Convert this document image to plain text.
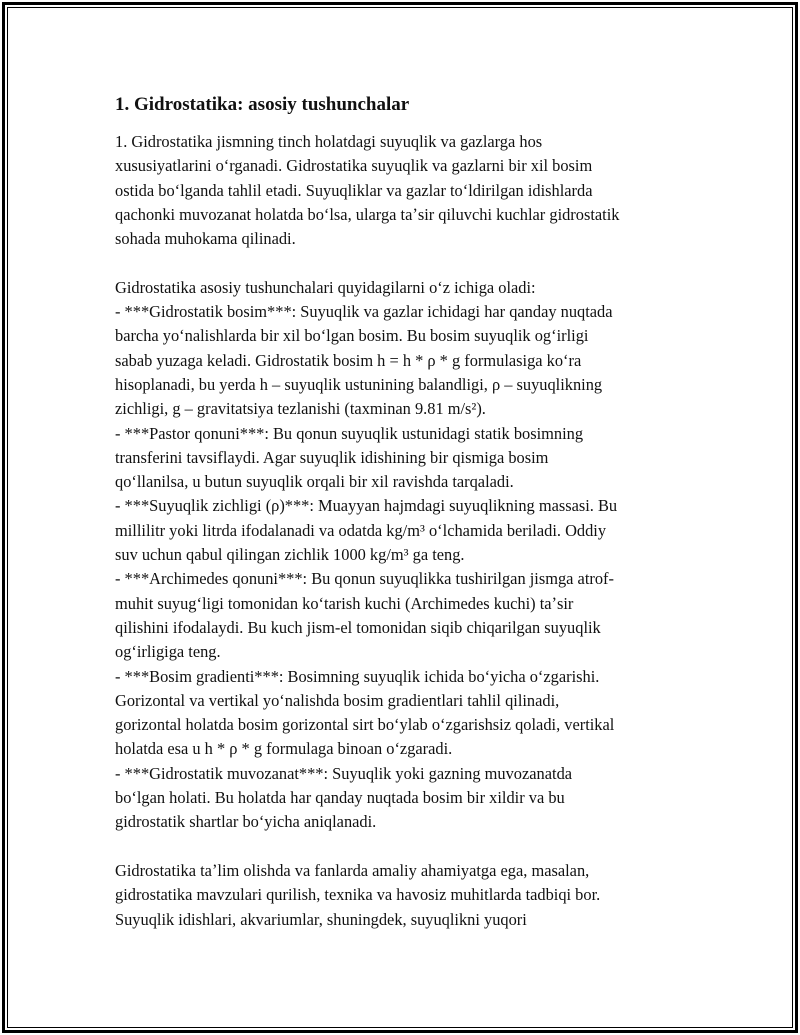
1. Gidrostatika: asosiy tushunchalar
1. Gidrostatika jismning tinch holatdagi suyuqlik va gazlarga hos
xususiyatlarini oʻrganadi. Gidrostatika suyuqlik va gazlarni bir xil bosim
ostida boʻlganda tahlil etadi. Suyuqliklar va gazlar toʻldirilgan idishlarda
qachonki muvozanat holatda boʻlsa, ularga taʼsir qiluvchi kuchlar gidrostatik
sohada muhokama qilinadi.
Gidrostatika asosiy tushunchalari quyidagilarni oʻz ichiga oladi:
- ***Gidrostatik bosim***: Suyuqlik va gazlar ichidagi har qanday nuqtada
barcha yoʻnalishlarda bir xil boʻlgan bosim. Bu bosim suyuqlik ogʻirligi
sabab yuzaga keladi. Gidrostatik bosim h = h * ρ * g formulasiga koʻra
hisoplanadi, bu yerda h – suyuqlik ustunining balandligi, ρ – suyuqlikning
zichligi, g – gravitatsiya tezlanishi (taxminan 9.81 m/s²).
- ***Pastor qonuni***: Bu qonun suyuqlik ustunidagi statik bosimning
transferini tavsiflaydi. Agar suyuqlik idishining bir qismiga bosim
qoʻllanilsa, u butun suyuqlik orqali bir xil ravishda tarqaladi.
- ***Suyuqlik zichligi (ρ)***: Muayyan hajmdagi suyuqlikning massasi. Bu
millilitr yoki litrda ifodalanadi va odatda kg/m³ oʻlchamida beriladi. Oddiy
suv uchun qabul qilingan zichlik 1000 kg/m³ ga teng.
- ***Archimedes qonuni***: Bu qonun suyuqlikka tushirilgan jismga atrof-
muhit suyugʻligi tomonidan koʻtarish kuchi (Archimedes kuchi) taʼsir
qilishini ifodalaydi. Bu kuch jism-el tomonidan siqib chiqarilgan suyuqlik
ogʻirligiga teng.
- ***Bosim gradienti***: Bosimning suyuqlik ichida boʻyicha oʻzgarishi.
Gorizontal va vertikal yoʻnalishda bosim gradientlari tahlil qilinadi,
gorizontal holatda bosim gorizontal sirt boʻylab oʻzgarishsiz qoladi, vertikal
holatda esa u h * ρ * g formulaga binoan oʻzgaradi.
- ***Gidrostatik muvozanat***: Suyuqlik yoki gazning muvozanatda
boʻlgan holati. Bu holatda har qanday nuqtada bosim bir xildir va bu
gidrostatik shartlar boʻyicha aniqlanadi.
Gidrostatika taʼlim olishda va fanlarda amaliy ahamiyatga ega, masalan,
gidrostatika mavzulari qurilish, texnika va havosiz muhitlarda tadbiqi bor.
Suyuqlik idishlari, akvariumlar, shuningdek, suyuqlikni yuqori
